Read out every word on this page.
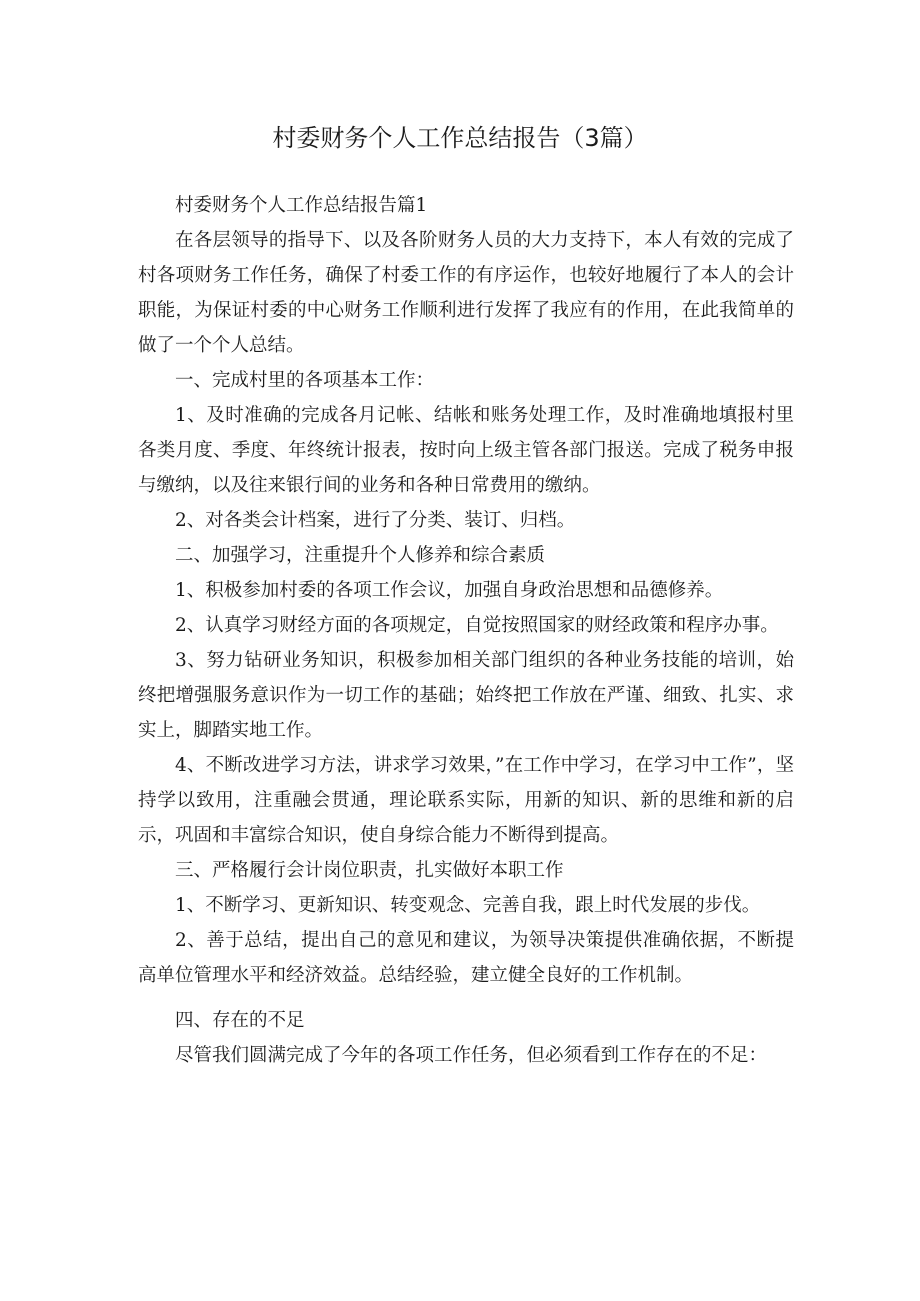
村委财务个人工作总结报告（3篇）

村委财务个人工作总结报告篇1

在各层领导的指导下、以及各阶财务人员的大力支持下，本人有效的完成了村各项财务工作任务，确保了村委工作的有序运作，也较好地履行了本人的会计职能，为保证村委的中心财务工作顺利进行发挥了我应有的作用，在此我简单的做了一个个人总结。

一、完成村里的各项基本工作：

1、及时准确的完成各月记帐、结帐和账务处理工作，及时准确地填报村里各类月度、季度、年终统计报表，按时向上级主管各部门报送。完成了税务申报与缴纳，以及往来银行间的业务和各种日常费用的缴纳。

2、对各类会计档案，进行了分类、装订、归档。

二、加强学习，注重提升个人修养和综合素质

1、积极参加村委的各项工作会议，加强自身政治思想和品德修养。

2、认真学习财经方面的各项规定，自觉按照国家的财经政策和程序办事。

3、努力钻研业务知识，积极参加相关部门组织的各种业务技能的培训，始终把增强服务意识作为一切工作的基础；始终把工作放在严谨、细致、扎实、求实上，脚踏实地工作。

4、不断改进学习方法，讲求学习效果，”在工作中学习，在学习中工作”，坚持学以致用，注重融会贯通，理论联系实际，用新的知识、新的思维和新的启示，巩固和丰富综合知识，使自身综合能力不断得到提高。

三、严格履行会计岗位职责，扎实做好本职工作

1、不断学习、更新知识、转变观念、完善自我，跟上时代发展的步伐。

2、善于总结，提出自己的意见和建议，为领导决策提供准确依据，不断提高单位管理水平和经济效益。总结经验，建立健全良好的工作机制。

四、存在的不足

尽管我们圆满完成了今年的各项工作任务，但必须看到工作存在的不足：
